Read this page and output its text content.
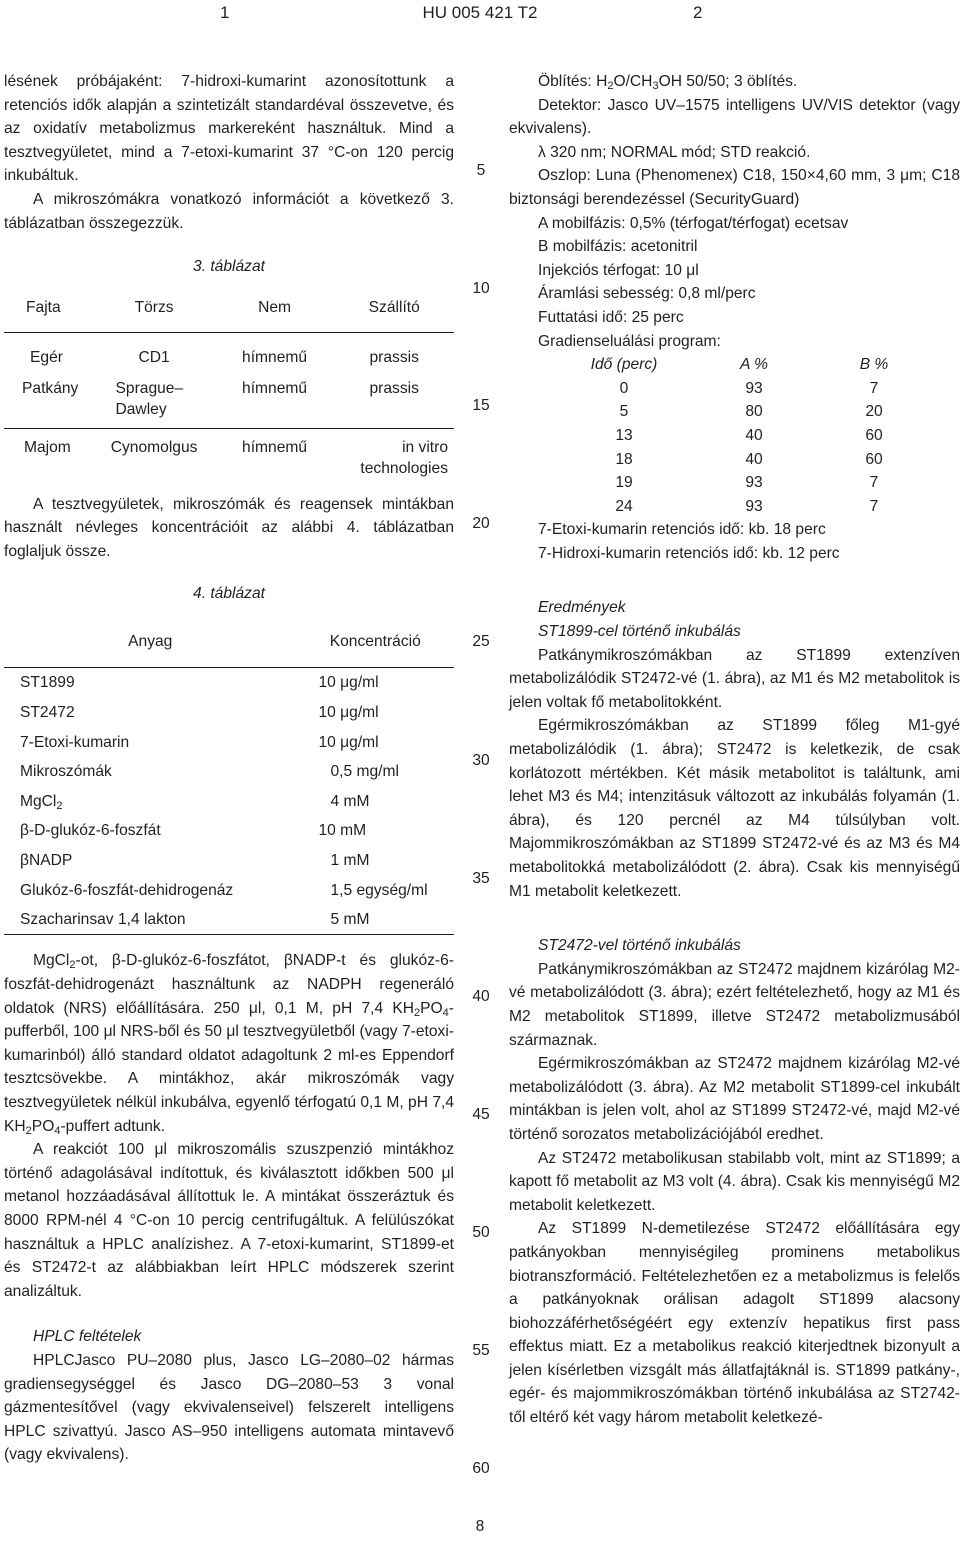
1	HU 005 421 T2	2

lésének próbájaként: 7-hidroxi-kumarint azonosítottunk a retenciós idők alapján a szintetizált standardéval összevetve, és az oxidatív metabolizmus markereként használtuk. Mind a tesztvegyületet, mind a 7-etoxi-kumarint 37 °C-on 120 percig inkubáltuk.

A mikroszómákra vonatkozó információt a következő 3. táblázatban összegezzük.

3. táblázat

Fajta	Törzs	Nem	Szállító
Egér	CD1	hímnemű	prassis
Patkány	Sprague–Dawley	hímnemű	prassis
Majom	Cynomolgus	hímnemű	in vitro technologies

A tesztvegyületek, mikroszómák és reagensek mintákban használt névleges koncentrációit az alábbi 4. táblázatban foglaljuk össze.

4. táblázat

Anyag	Koncentráció
ST1899	10 μg/ml
ST2472	10 μg/ml
7-Etoxi-kumarin	10 μg/ml
Mikroszómák	0,5 mg/ml
MgCl$_2$	4 mM
β-D-glukóz-6-foszfát	10 mM
βNADP	1 mM
Glukóz-6-foszfát-dehidrogenáz	1,5 egység/ml
Szacharinsav 1,4 lakton	5 mM

MgCl$_2$-ot, β-D-glukóz-6-foszfátot, βNADP-t és glukóz-6-foszfát-dehidrogenázt használtunk az NADPH regeneráló oldatok (NRS) előállítására. 250 μl, 0,1 M, pH 7,4 $KH_2PO_4$-pufferből, 100 μl NRS-ből és 50 μl tesztvegyületből (vagy 7-etoxi-kumarinból) álló standard oldatot adagoltunk 2 ml-es Eppendorf tesztcsövekbe. A mintákhoz, akár mikroszómák vagy tesztvegyületek nélkül inkubálva, egyenlő térfogatú 0,1 M, pH 7,4 $KH_2PO_4$-puffert adtunk.

A reakciót 100 μl mikroszomális szuszpenzió mintákhoz történő adagolásával indítottuk, és kiválasztott időkben 500 μl metanol hozzáadásával állítottuk le. A mintákat összeráztuk és 8000 RPM-nél 4 °C-on 10 percig centrifugáltuk. A felülúszókat használtuk a HPLC analízishez. A 7-etoxi-kumarint, ST1899-et és ST2472-t az alábbiakban leírt HPLC módszerek szerint analizáltuk.

HPLC feltételek

HPLCJasco PU–2080 plus, Jasco LG–2080–02 hármas gradiensegységgel és Jasco DG–2080–53 3 vonal gázmentesítővel (vagy ekvivalenseivel) felszerelt intelligens HPLC szivattyú. Jasco AS–950 intelligens automata mintavevő (vagy ekvivalens).

5
10
15
20
25
30
35
40
45
50
55
60

Öblítés: $H_2O/CH_3OH$ 50/50; 3 öblítés.

Detektor: Jasco UV–1575 intelligens UV/VIS detektor (vagy ekvivalens).

λ 320 nm; NORMAL mód; STD reakció.

Oszlop: Luna (Phenomenex) C18, 150×4,60 mm, 3 μm; C18 biztonsági berendezéssel (SecurityGuard)

A mobilfázis: 0,5% (térfogat/térfogat) ecetsav

B mobilfázis: acetonitril

Injekciós térfogat: 10 μl

Áramlási sebesség: 0,8 ml/perc

Futtatási idő: 25 perc

Gradienseluálási program:

Idő (perc)	A %	B %
0	93	7
5	80	20
13	40	60
18	40	60
19	93	7
24	93	7

7-Etoxi-kumarin retenciós idő: kb. 18 perc

7-Hidroxi-kumarin retenciós idő: kb. 12 perc

Eredmények

ST1899-cel történő inkubálás

Patkánymikroszómákban az ST1899 extenzíven metabolizálódik ST2472-vé (1. ábra), az M1 és M2 metabolitok is jelen voltak fő metabolitokként.

Egérmikroszómákban az ST1899 főleg M1-gyé metabolizálódik (1. ábra); ST2472 is keletkezik, de csak korlátozott mértékben. Két másik metabolitot is találtunk, ami lehet M3 és M4; intenzitásuk változott az inkubálás folyamán (1. ábra), és 120 percnél az M4 túlsúlyban volt. Majommikroszómákban az ST1899 ST2472-vé és az M3 és M4 metabolitokká metabolizálódott (2. ábra). Csak kis mennyiségű M1 metabolit keletkezett.

ST2472-vel történő inkubálás

Patkánymikroszómákban az ST2472 majdnem kizárólag M2-vé metabolizálódott (3. ábra); ezért feltételezhető, hogy az M1 és M2 metabolitok ST1899, illetve ST2472 metabolizmusából származnak.

Egérmikroszómákban az ST2472 majdnem kizárólag M2-vé metabolizálódott (3. ábra). Az M2 metabolit ST1899-cel inkubált mintákban is jelen volt, ahol az ST1899 ST2472-vé, majd M2-vé történő sorozatos metabolizációjából eredhet.

Az ST2472 metabolikusan stabilabb volt, mint az ST1899; a kapott fő metabolit az M3 volt (4. ábra). Csak kis mennyiségű M2 metabolit keletkezett.

Az ST1899 N-demetilezése ST2472 előállítására egy patkányokban mennyiségileg prominens metabolikus biotranszformáció. Feltételezhetően ez a metabolizmus is felelős a patkányoknak orálisan adagolt ST1899 alacsony biohozzáférhetőségéért egy extenzív hepatikus first pass effektus miatt. Ez a metabolikus reakció kiterjedtnek bizonyult a jelen kísérletben vizsgált más állatfajtáknál is. ST1899 patkány-, egér- és majommikroszómákban történő inkubálása az ST2742-től eltérő két vagy három metabolit keletkezé-

8
